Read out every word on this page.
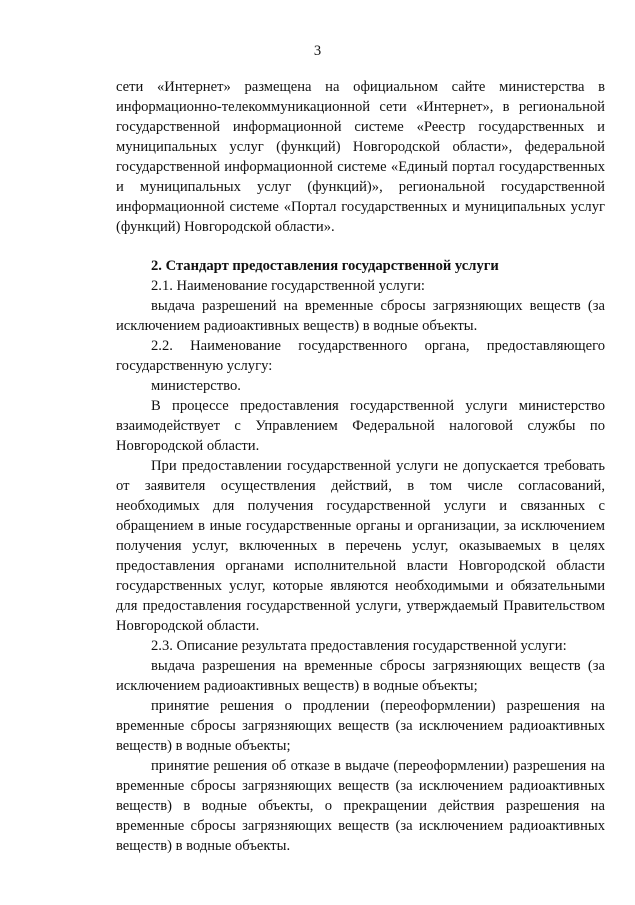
3

сети «Интернет» размещена на официальном сайте министерства в информационно-телекоммуникационной сети «Интернет», в региональной государственной информационной системе «Реестр государственных и муниципальных услуг (функций) Новгородской области», федеральной государственной информационной системе «Единый портал государственных и муниципальных услуг (функций)», региональной государственной информационной системе «Портал государственных и муниципальных услуг (функций) Новгородской области».

2. Стандарт предоставления государственной услуги

2.1. Наименование государственной услуги:

выдача разрешений на временные сбросы загрязняющих веществ (за исключением радиоактивных веществ) в водные объекты.

2.2. Наименование государственного органа, предоставляющего государственную услугу:

министерство.

В процессе предоставления государственной услуги министерство взаимодействует с Управлением Федеральной налоговой службы по Новгородской области.

При предоставлении государственной услуги не допускается требовать от заявителя осуществления действий, в том числе согласований, необходимых для получения государственной услуги и связанных с обращением в иные государственные органы и организации, за исключением получения услуг, включенных в перечень услуг, оказываемых в целях предоставления органами исполнительной власти Новгородской области государственных услуг, которые являются необходимыми и обязательными для предоставления государственной услуги, утверждаемый Правительством Новгородской области.

2.3. Описание результата предоставления государственной услуги:

выдача разрешения на временные сбросы загрязняющих веществ (за исключением радиоактивных веществ) в водные объекты;

принятие решения о продлении (переоформлении) разрешения на временные сбросы загрязняющих веществ (за исключением радиоактивных веществ) в водные объекты;

принятие решения об отказе в выдаче (переоформлении) разрешения на временные сбросы загрязняющих веществ (за исключением радиоактивных веществ) в водные объекты, о прекращении действия разрешения на временные сбросы загрязняющих веществ (за исключением радиоактивных веществ) в водные объекты.
